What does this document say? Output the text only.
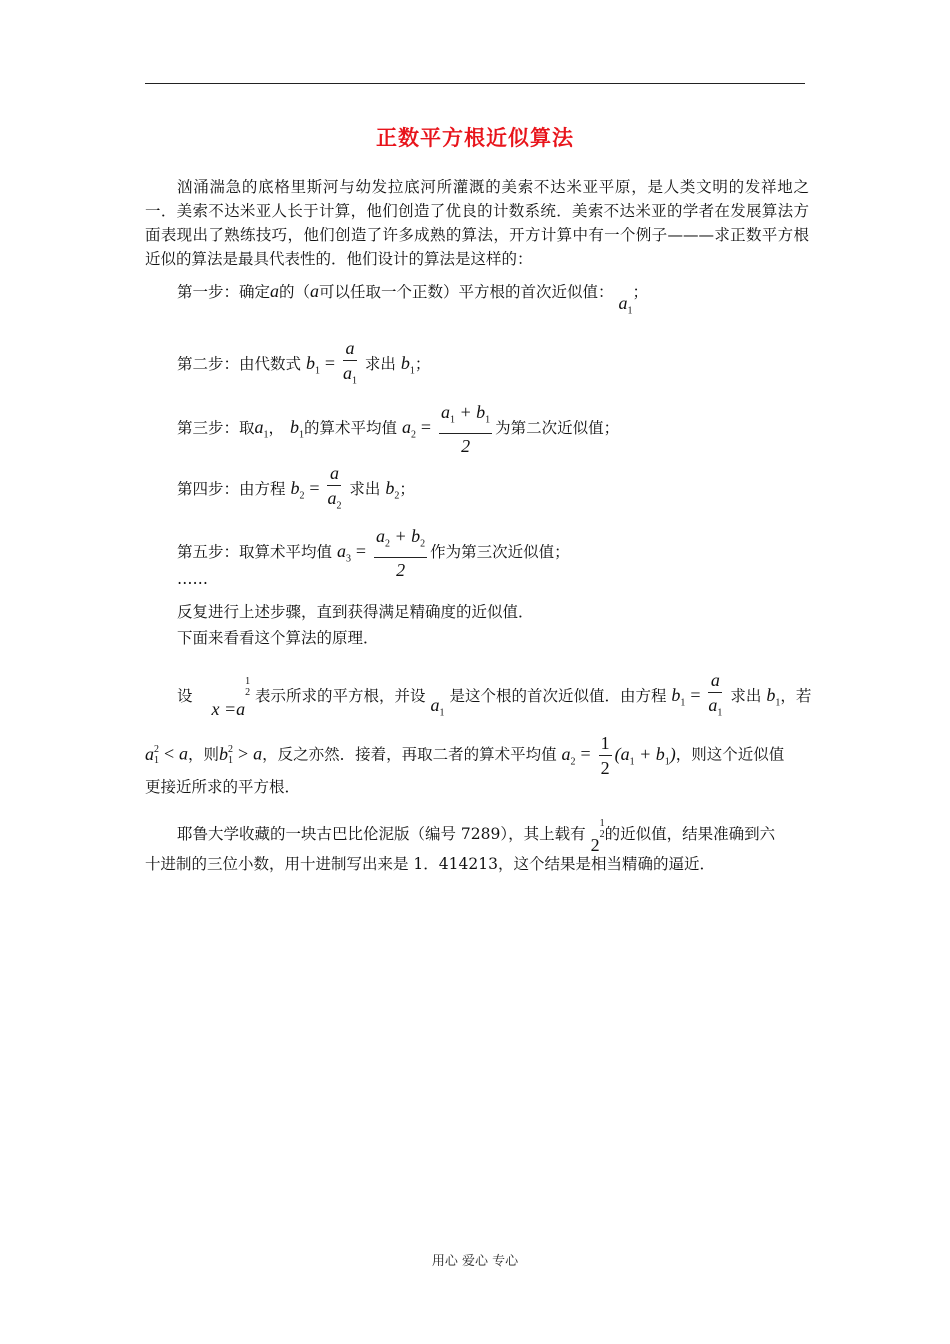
正数平方根近似算法
汹涌湍急的底格里斯河与幼发拉底河所灌溉的美索不达米亚平原，是人类文明的发祥地之一．美索不达米亚人长于计算，他们创造了优良的计数系统．美索不达米亚的学者在发展算法方面表现出了熟练技巧，他们创造了许多成熟的算法，开方计算中有一个例子———求正数平方根近似的算法是最具代表性的．他们设计的算法是这样的：
第一步：确定a的（a可以任取一个正数）平方根的首次近似值： $a_1$；
第二步：由代数式 $b_1 = \frac{a}{a_1}$ 求出 $b_1$；
第三步：取$a_1$， $b_1$的算术平均值 $a_2 = \frac{a_1 + b_1}{2}$ 为第二次近似值；
第四步：由方程 $b_2 = \frac{a}{a_2}$ 求出 $b_2$；
第五步：取算术平均值 $a_3 = \frac{a_2 + b_2}{2}$ 作为第三次近似值；
……
反复进行上述步骤，直到获得满足精确度的近似值．
下面来看看这个算法的原理．
设 x =a
1
2 表示所求的平方根，并设 $a_1$ 是这个根的首次近似值．由方程 $b_1 = \frac{a}{a_1}$ 求出 $b_1$，若
a 2
1 < a，则b 2
1 > a，反之亦然．接着，再取二者的算术平均值 $a_2 = \frac{1}{2} (a_1 + b_1)$，则这个近似值
更接近所求的平方根．
耶鲁大学收藏的一块古巴比伦泥版（编号 7289），其上载有 2
1
2 的近似值，结果准确到六
十进制的三位小数，用十进制写出来是 1．414213，这个结果是相当精确的逼近．
用心 爱心 专心
